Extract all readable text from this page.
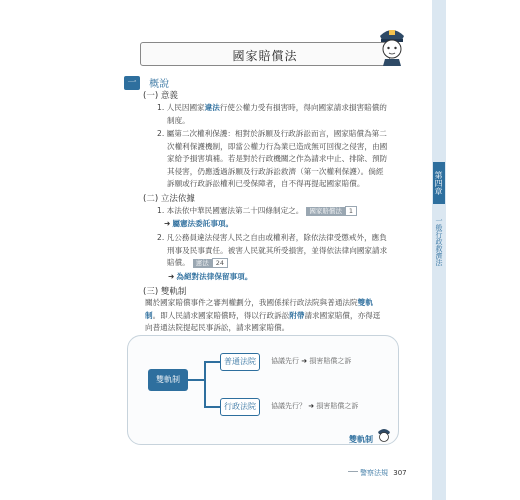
第四章
一般行政救濟法
國家賠償法
一 概說
(一) 意義
1. 人民因國家違法行使公權力受有損害時，得向國家請求損害賠償的
制度。
2. 屬第二次權利保護：相對於訴願及行政訴訟而言，國家賠償為第二
次權利保護機制，即當公權力行為業已造成無可回復之侵害，由國
家給予損害填補。若是對於行政機關之作為請求中止、排除、預防
其侵害，仍應透過訴願及行政訴訟救濟（第一次權利保護）。倘經
訴願或行政訴訟權利已受保障者，自不得再提起國家賠償。
(二) 立法依據
1. 本法依中華民國憲法第二十四條制定之。 國家賠償法 1
➜ 屬憲法委託事項。
2. 凡公務員違法侵害人民之自由或權利者，除依法律受懲戒外，應負
刑事及民事責任。被害人民就其所受損害，並得依法律向國家請求
賠償。 憲法 24
➜ 為絕對法律保留事項。
(三) 雙軌制
關於國家賠償事件之審判權劃分，我國係採行政法院與普通法院雙軌
制。即人民請求國家賠償時，得以行政訴訟附帶請求國家賠償，亦得逕
向普通法院提起民事訴訟，請求國家賠償。
雙軌制
普通法院	協議先行 ➜ 損害賠償之訴
行政法院	協議先行？ ➜ 損害賠償之訴
雙軌制
警察法規 307
